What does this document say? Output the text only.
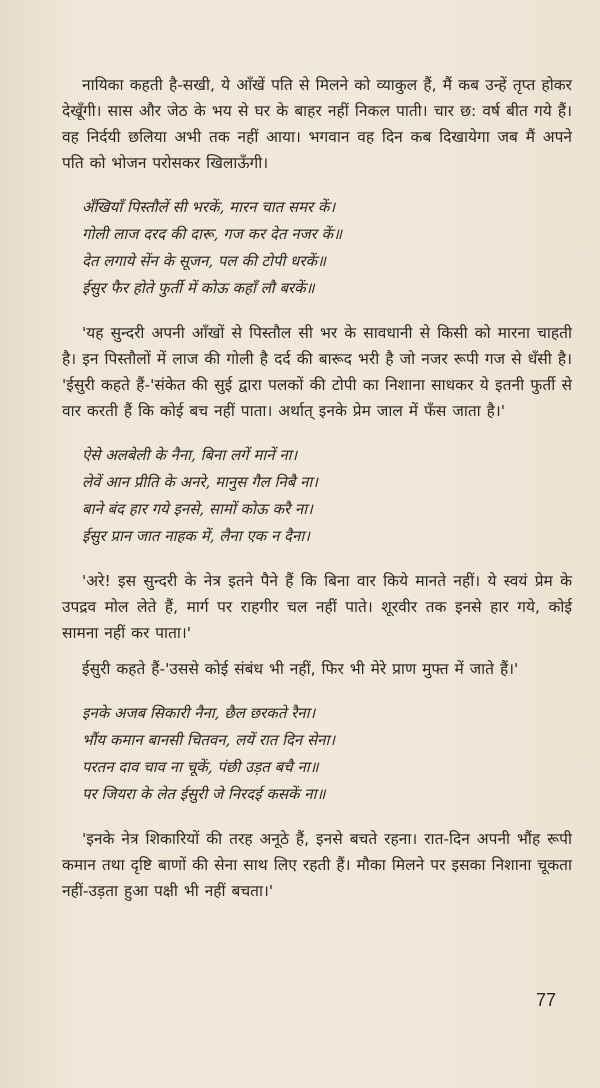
नायिका कहती है-सखी, ये आँखें पति से मिलने को व्याकुल हैं, मैं कब उन्हें तृप्त होकर देखूँगी। सास और जेठ के भय से घर के बाहर नहीं निकल पाती। चार छ: वर्ष बीत गये हैं। वह निर्दयी छलिया अभी तक नहीं आया। भगवान वह दिन कब दिखायेगा जब मैं अपने पति को भोजन परोसकर खिलाऊँगी।

अँखियाँ पिस्तौलें सी भरकें, मारन चात समर कें।
गोली लाज दरद की दारू, गज कर देत नजर कें॥
देत लगाये सेंन के सूजन, पल की टोपी धरकें॥
ईसुर फैर होते फुर्ती में कोऊ कहाँ लौ बरकें॥

'यह सुन्दरी अपनी आँखों से पिस्तौल सी भर के सावधानी से किसी को मारना चाहती है। इन पिस्तौलों में लाज की गोली है दर्द की बारूद भरी है जो नजर रूपी गज से धँसी है। 'ईसुरी कहते हैं-'संकेत की सुई द्वारा पलकों की टोपी का निशाना साधकर ये इतनी फुर्ती से वार करती हैं कि कोई बच नहीं पाता। अर्थात् इनके प्रेम जाल में फँस जाता है।'

ऐसे अलबेली के नैना, बिना लगें मानें ना।
लेवें आन प्रीति के अनरे, मानुस गैल निबै ना।
बाने बंद हार गये इनसे, सामों कोऊ करै ना।
ईसुर प्रान जात नाहक में, लैना एक न दैना।

'अरे! इस सुन्दरी के नेत्र इतने पैने हैं कि बिना वार किये मानते नहीं। ये स्वयं प्रेम के उपद्रव मोल लेते हैं, मार्ग पर राहगीर चल नहीं पाते। शूरवीर तक इनसे हार गये, कोई सामना नहीं कर पाता।'

ईसुरी कहते हैं-'उससे कोई संबंध भी नहीं, फिर भी मेरे प्राण मुफ्त में जाते हैं।'

इनके अजब सिकारी नैना, छैल छरकते रैना।
भौंय कमान बानसी चितवन, लयें रात दिन सेना।
परतन दाव चाव ना चूकें, पंछी उड़त बचै ना॥
पर जियरा के लेत ईसुरी जे निरदई कसकें ना॥

'इनके नेत्र शिकारियों की तरह अनूठे हैं, इनसे बचते रहना। रात-दिन अपनी भौंह रूपी कमान तथा दृष्टि बाणों की सेना साथ लिए रहती हैं। मौका मिलने पर इसका निशाना चूकता नहीं-उड़ता हुआ पक्षी भी नहीं बचता।'

77
